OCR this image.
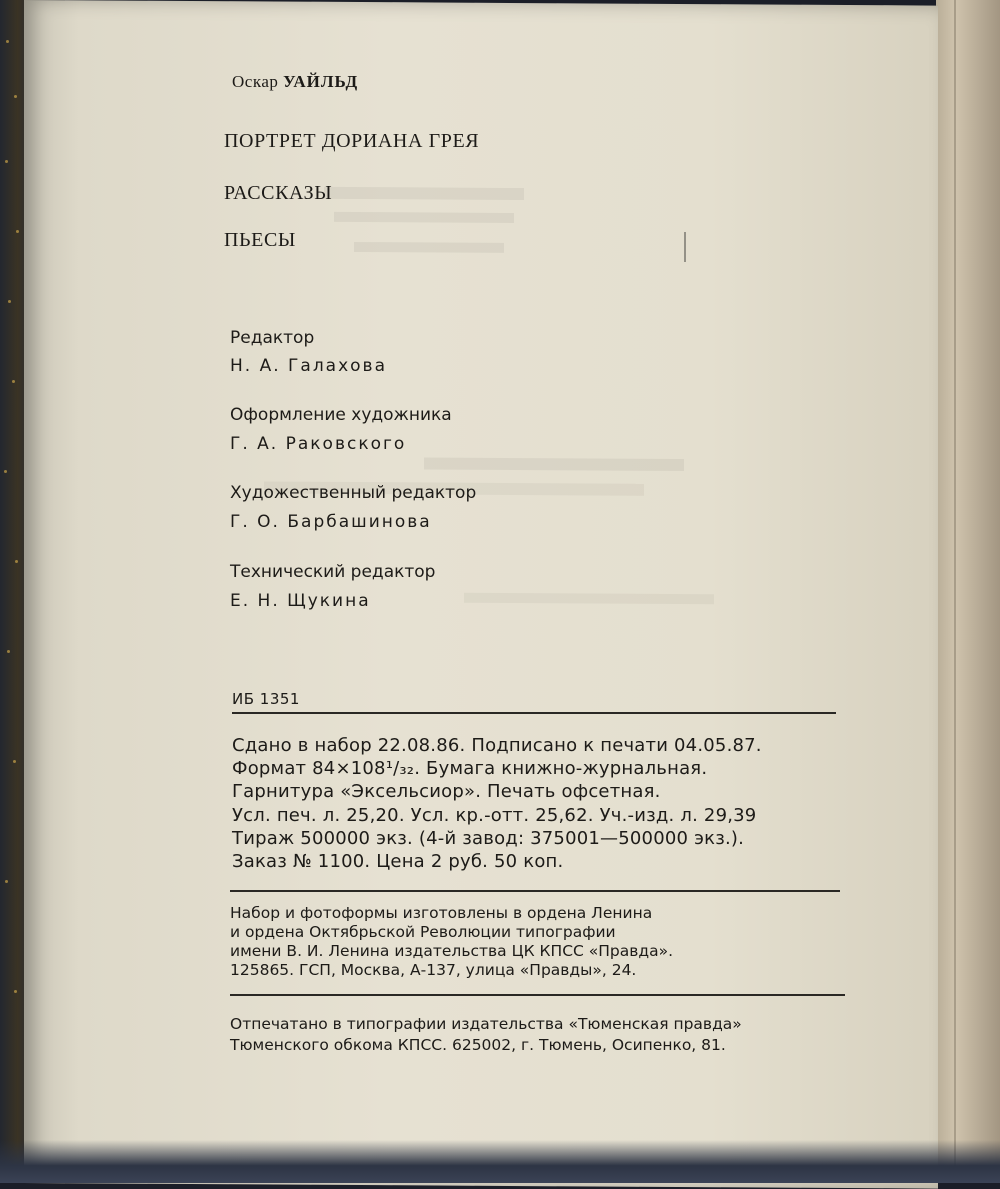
Оскар УАЙЛЬД
ПОРТРЕТ ДОРИАНА ГРЕЯ
РАССКАЗЫ
ПЬЕСЫ
Редактор
Н. А. Галахова
Оформление художника
Г. А. Раковского
Художественный редактор
Г. О. Барбашинова
Технический редактор
Е. Н. Щукина
ИБ 1351
Сдано в набор 22.08.86. Подписано к печати 04.05.87.
Формат 84×108¹/₃₂. Бумага книжно-журнальная.
Гарнитура «Эксельсиор». Печать офсетная.
Усл. печ. л. 25,20. Усл. кр.-отт. 25,62. Уч.-изд. л. 29,39
Тираж 500000 экз. (4-й завод: 375001—500000 экз.).
Заказ № 1100. Цена 2 руб. 50 коп.
Набор и фотоформы изготовлены в ордена Ленина
и ордена Октябрьской Революции типографии
имени В. И. Ленина издательства ЦК КПСС «Правда».
125865. ГСП, Москва, А-137, улица «Правды», 24.
Отпечатано в типографии издательства «Тюменская правда»
Тюменского обкома КПСС. 625002, г. Тюмень, Осипенко, 81.
